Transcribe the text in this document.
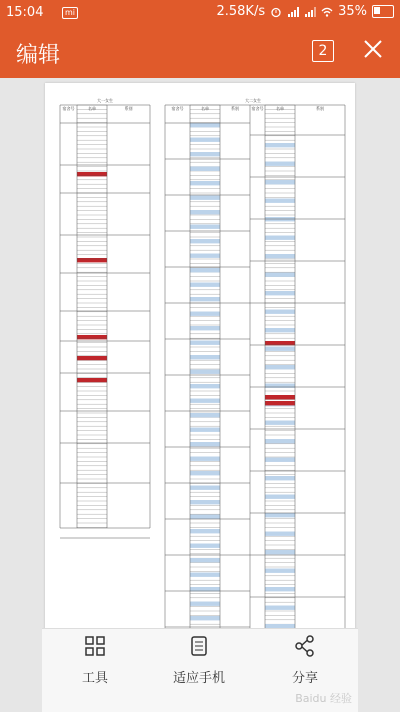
15:04	mi	2.58K/s	35%
编辑	2
大一女生	大二女生
宿舍号	名单	系别	宿舍号	名单	系别	宿舍号	名单	系别
工具	适应手机	分享
Baidu 经验
